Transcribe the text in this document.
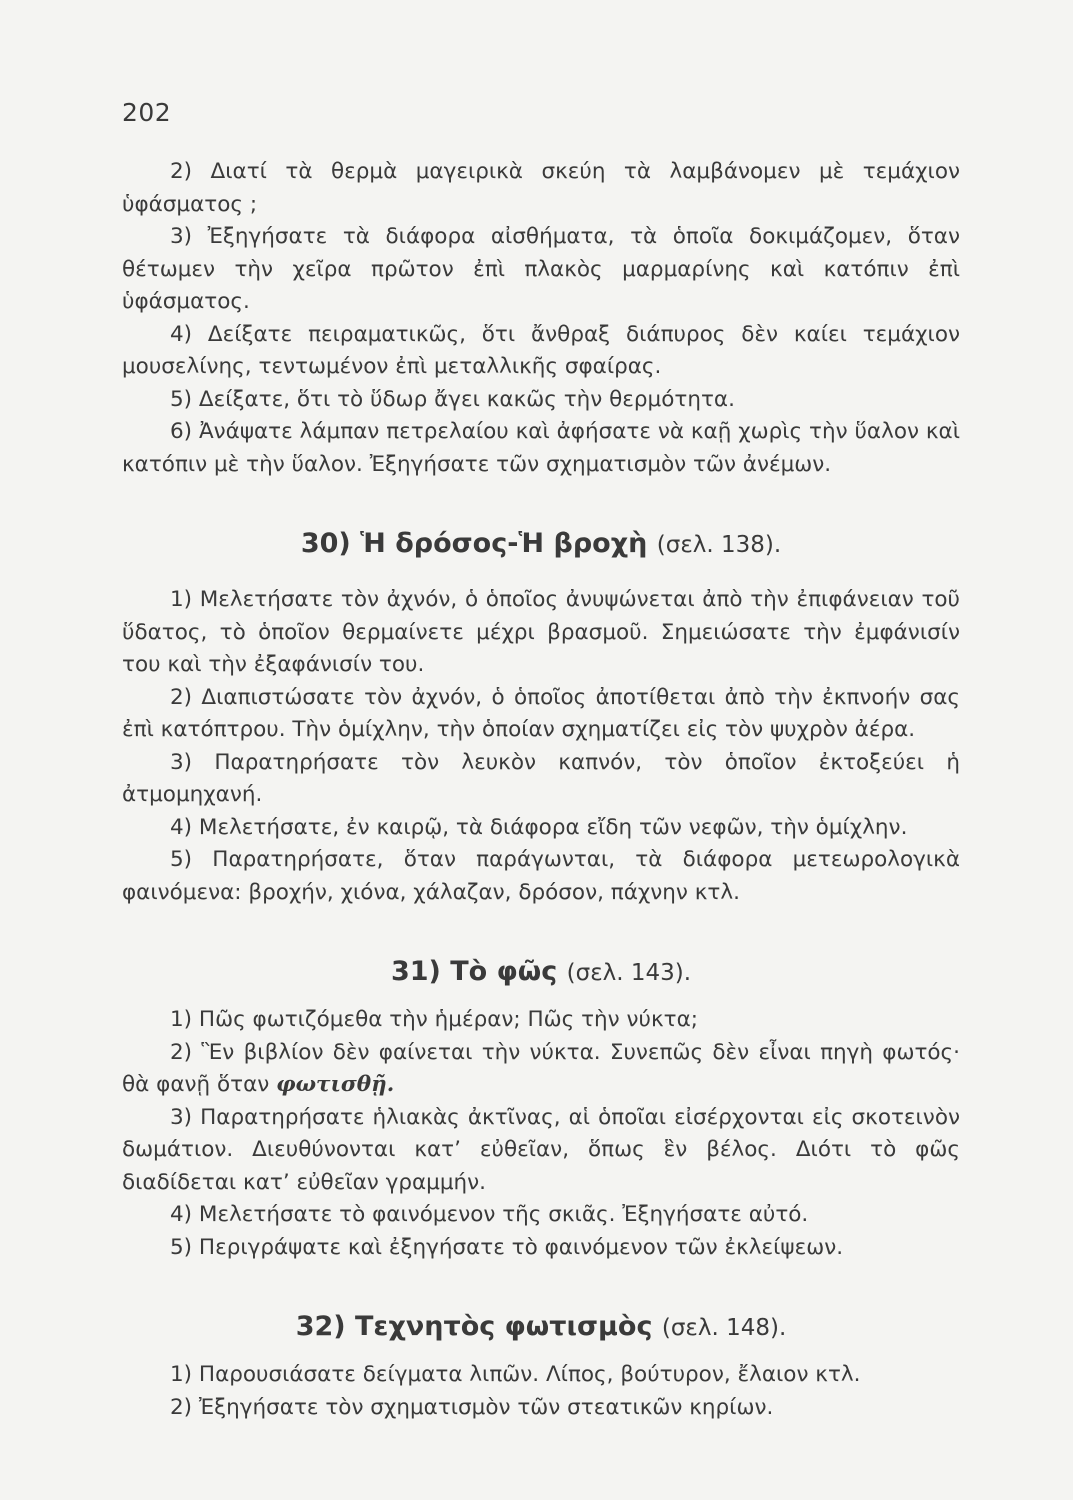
202

2) Διατί τὰ θερμὰ μαγειρικὰ σκεύη τὰ λαμβάνομεν μὲ τεμάχιον ὑφάσματος ;

3) Ἐξηγήσατε τὰ διάφορα αἰσθήματα, τὰ ὁποῖα δοκιμάζομεν, ὅταν θέτωμεν τὴν χεῖρα πρῶτον ἐπὶ πλακὸς μαρμαρίνης καὶ κατόπιν ἐπὶ ὑφάσματος.

4) Δείξατε πειραματικῶς, ὅτι ἄνθραξ διάπυρος δὲν καίει τεμάχιον μουσελίνης, τεντωμένον ἐπὶ μεταλλικῆς σφαίρας.

5) Δείξατε, ὅτι τὸ ὕδωρ ἄγει κακῶς τὴν θερμότητα.

6) Ἀνάψατε λάμπαν πετρελαίου καὶ ἀφήσατε νὰ καῇ χωρὶς τὴν ὕαλον καὶ κατόπιν μὲ τὴν ὕαλον. Ἐξηγήσατε τῶν σχηματισμὸν τῶν ἀνέμων.

30) Ἡ δρόσος-Ἡ βροχὴ (σελ. 138).

1) Μελετήσατε τὸν ἀχνόν, ὁ ὁποῖος ἀνυψώνεται ἀπὸ τὴν ἐπιφάνειαν τοῦ ὕδατος, τὸ ὁποῖον θερμαίνετε μέχρι βρασμοῦ. Σημειώσατε τὴν ἐμφάνισίν του καὶ τὴν ἐξαφάνισίν του.

2) Διαπιστώσατε τὸν ἀχνόν, ὁ ὁποῖος ἀποτίθεται ἀπὸ τὴν ἐκπνοήν σας ἐπὶ κατόπτρου. Τὴν ὁμίχλην, τὴν ὁποίαν σχηματίζει εἰς τὸν ψυχρὸν ἀέρα.

3) Παρατηρήσατε τὸν λευκὸν καπνόν, τὸν ὁποῖον ἐκτοξεύει ἡ ἀτμομηχανή.

4) Μελετήσατε, ἐν καιρῷ, τὰ διάφορα εἴδη τῶν νεφῶν, τὴν ὁμίχλην.

5) Παρατηρήσατε, ὅταν παράγωνται, τὰ διάφορα μετεωρολογικὰ φαινόμενα: βροχήν, χιόνα, χάλαζαν, δρόσον, πάχνην κτλ.

31) Τὸ φῶς (σελ. 143).

1) Πῶς φωτιζόμεθα τὴν ἡμέραν; Πῶς τὴν νύκτα;

2) Ἓν βιβλίον δὲν φαίνεται τὴν νύκτα. Συνεπῶς δὲν εἶναι πηγὴ φωτός· θὰ φανῇ ὅταν φωτισθῇ.

3) Παρατηρήσατε ἡλιακὰς ἀκτῖνας, αἱ ὁποῖαι εἰσέρχονται εἰς σκοτεινὸν δωμάτιον. Διευθύνονται κατ’ εὐθεῖαν, ὅπως ἓν βέλος. Διότι τὸ φῶς διαδίδεται κατ’ εὐθεῖαν γραμμήν.

4) Μελετήσατε τὸ φαινόμενον τῆς σκιᾶς. Ἐξηγήσατε αὐτό.

5) Περιγράψατε καὶ ἐξηγήσατε τὸ φαινόμενον τῶν ἐκλείψεων.

32) Τεχνητὸς φωτισμὸς (σελ. 148).

1) Παρουσιάσατε δείγματα λιπῶν. Λίπος, βούτυρον, ἔλαιον κτλ.

2) Ἐξηγήσατε τὸν σχηματισμὸν τῶν στεατικῶν κηρίων.
